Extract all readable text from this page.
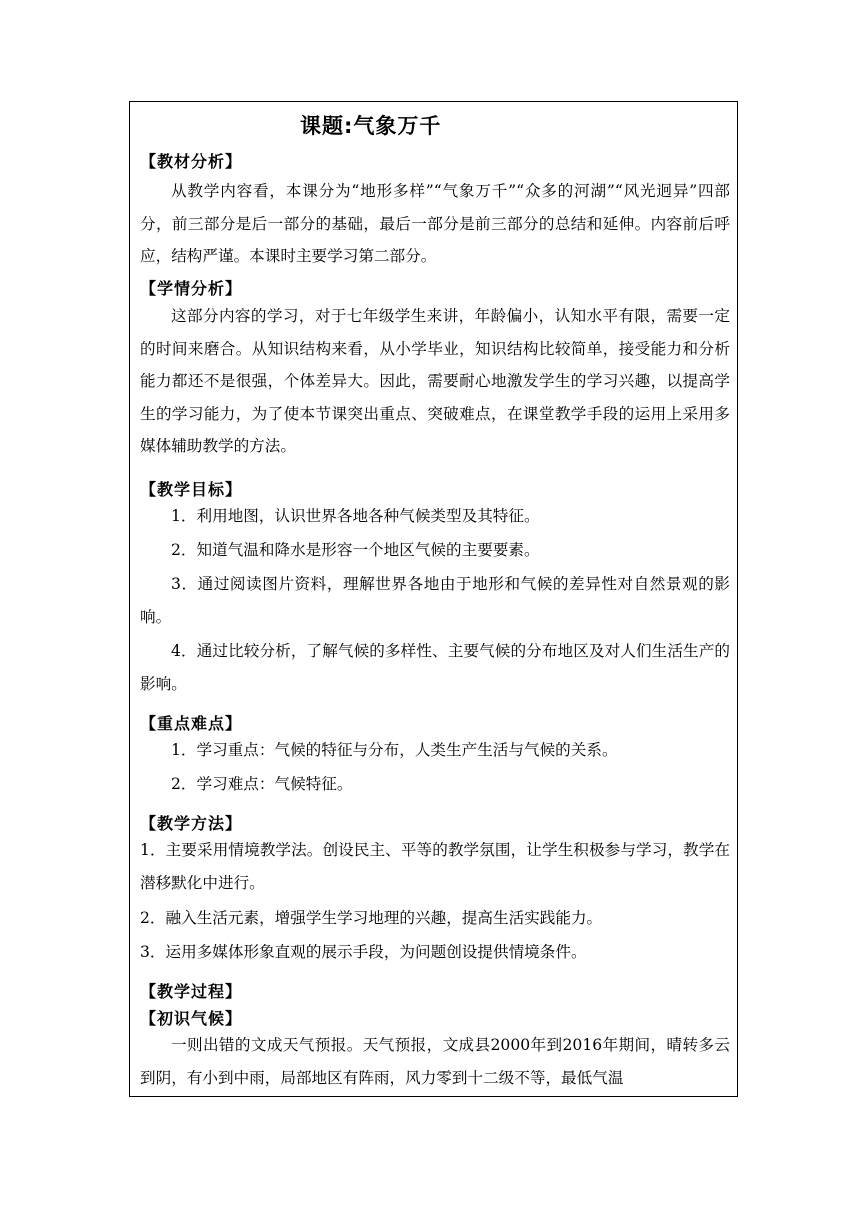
课题:气象万千
【教材分析】
从教学内容看，本课分为“地形多样”“气象万千”“众多的河湖”“风光迥异”四部分，前三部分是后一部分的基础，最后一部分是前三部分的总结和延伸。内容前后呼应，结构严谨。本课时主要学习第二部分。
【学情分析】
这部分内容的学习，对于七年级学生来讲，年龄偏小，认知水平有限，需要一定的时间来磨合。从知识结构来看，从小学毕业，知识结构比较简单，接受能力和分析能力都还不是很强，个体差异大。因此，需要耐心地激发学生的学习兴趣，以提高学生的学习能力，为了使本节课突出重点、突破难点，在课堂教学手段的运用上采用多媒体辅助教学的方法。
【教学目标】
1．利用地图，认识世界各地各种气候类型及其特征。
2．知道气温和降水是形容一个地区气候的主要要素。
3．通过阅读图片资料，理解世界各地由于地形和气候的差异性对自然景观的影响。
4．通过比较分析，了解气候的多样性、主要气候的分布地区及对人们生活生产的影响。
【重点难点】
1．学习重点：气候的特征与分布，人类生产生活与气候的关系。
2．学习难点：气候特征。
【教学方法】
1．主要采用情境教学法。创设民主、平等的教学氛围，让学生积极参与学习，教学在潜移默化中进行。
2．融入生活元素，增强学生学习地理的兴趣，提高生活实践能力。
3．运用多媒体形象直观的展示手段，为问题创设提供情境条件。
【教学过程】
【初识气候】
一则出错的文成天气预报。天气预报，文成县2000年到2016年期间，晴转多云到阴，有小到中雨，局部地区有阵雨，风力零到十二级不等，最低气温
